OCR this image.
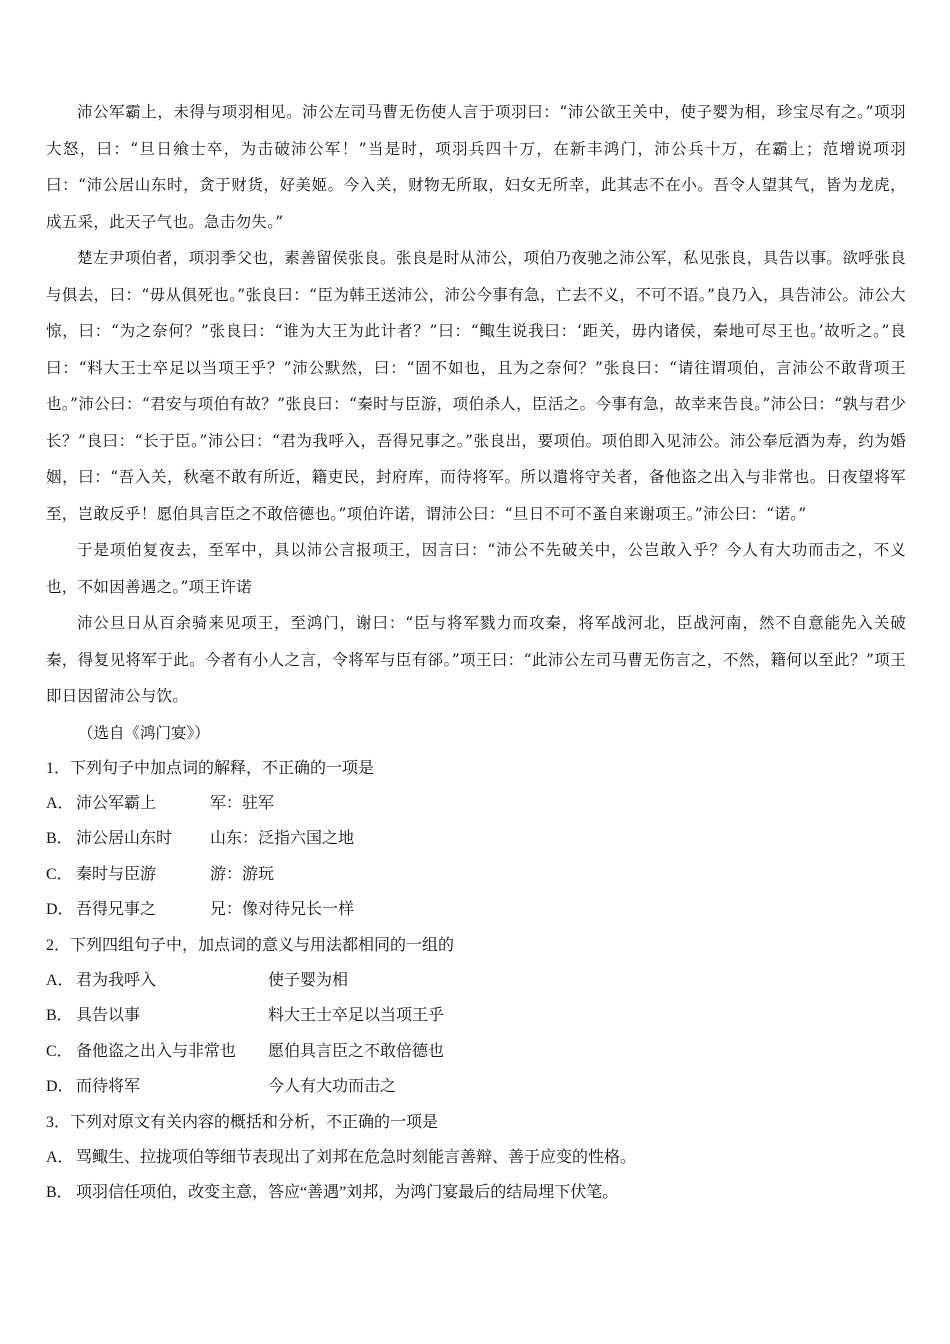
沛公军霸上，未得与项羽相见。沛公左司马曹无伤使人言于项羽曰：“沛公欲王关中，使子婴为相，珍宝尽有之。”项羽大怒，曰：“旦日飨士卒，为击破沛公军！”当是时，项羽兵四十万，在新丰鸿门，沛公兵十万，在霸上；范增说项羽曰：“沛公居山东时，贪于财货，好美姬。今入关，财物无所取，妇女无所幸，此其志不在小。吾令人望其气，皆为龙虎，成五采，此天子气也。急击勿失。”

楚左尹项伯者，项羽季父也，素善留侯张良。张良是时从沛公，项伯乃夜驰之沛公军，私见张良，具告以事。欲呼张良与俱去，曰：“毋从俱死也。”张良曰：“臣为韩王送沛公，沛公今事有急，亡去不义，不可不语。”良乃入，具告沛公。沛公大惊，曰：“为之奈何？”张良曰：“谁为大王为此计者？”曰：“鲰生说我曰：‘距关，毋内诸侯，秦地可尽王也。’故听之。”良曰：“料大王士卒足以当项王乎？”沛公默然，曰：“固不如也，且为之奈何？”张良曰：“请往谓项伯，言沛公不敢背项王也。”沛公曰：“君安与项伯有故？”张良曰：“秦时与臣游，项伯杀人，臣活之。今事有急，故幸来告良。”沛公曰：“孰与君少长？”良曰：“长于臣。”沛公曰：“君为我呼入，吾得兄事之。”张良出，要项伯。项伯即入见沛公。沛公奉卮酒为寿，约为婚姻，曰：“吾入关，秋毫不敢有所近，籍吏民，封府库，而待将军。所以遣将守关者，备他盗之出入与非常也。日夜望将军至，岂敢反乎！愿伯具言臣之不敢倍德也。”项伯许诺，谓沛公曰：“旦日不可不蚤自来谢项王。”沛公曰：“诺。”

于是项伯复夜去，至军中，具以沛公言报项王，因言曰：“沛公不先破关中，公岂敢入乎？今人有大功而击之，不义也，不如因善遇之。”项王许诺

沛公旦日从百余骑来见项王，至鸿门，谢曰：“臣与将军戮力而攻秦，将军战河北，臣战河南，然不自意能先入关破秦，得复见将军于此。今者有小人之言，令将军与臣有郤。”项王曰：“此沛公左司马曹无伤言之，不然，籍何以至此？”项王即日因留沛公与饮。

（选自《鸿门宴》）

1．下列句子中加点词的解释，不正确的一项是

A． 沛公军霸上	军：驻军

B． 沛公居山东时 山东：泛指六国之地

C． 秦时与臣游	游：游玩

D． 吾得兄事之	兄：像对待兄长一样

2．下列四组句子中，加点词的意义与用法都相同的一组的

A． 君为我呼入	使子婴为相

B． 具告以事	料大王士卒足以当项王乎

C． 备他盗之出入与非常也 愿伯具言臣之不敢倍德也

D． 而待将军	今人有大功而击之

3．下列对原文有关内容的概括和分析，不正确的一项是

A． 骂鲰生、拉拢项伯等细节表现出了刘邦在危急时刻能言善辩、善于应变的性格。

B． 项羽信任项伯，改变主意，答应“善遇”刘邦，为鸿门宴最后的结局埋下伏笔。
